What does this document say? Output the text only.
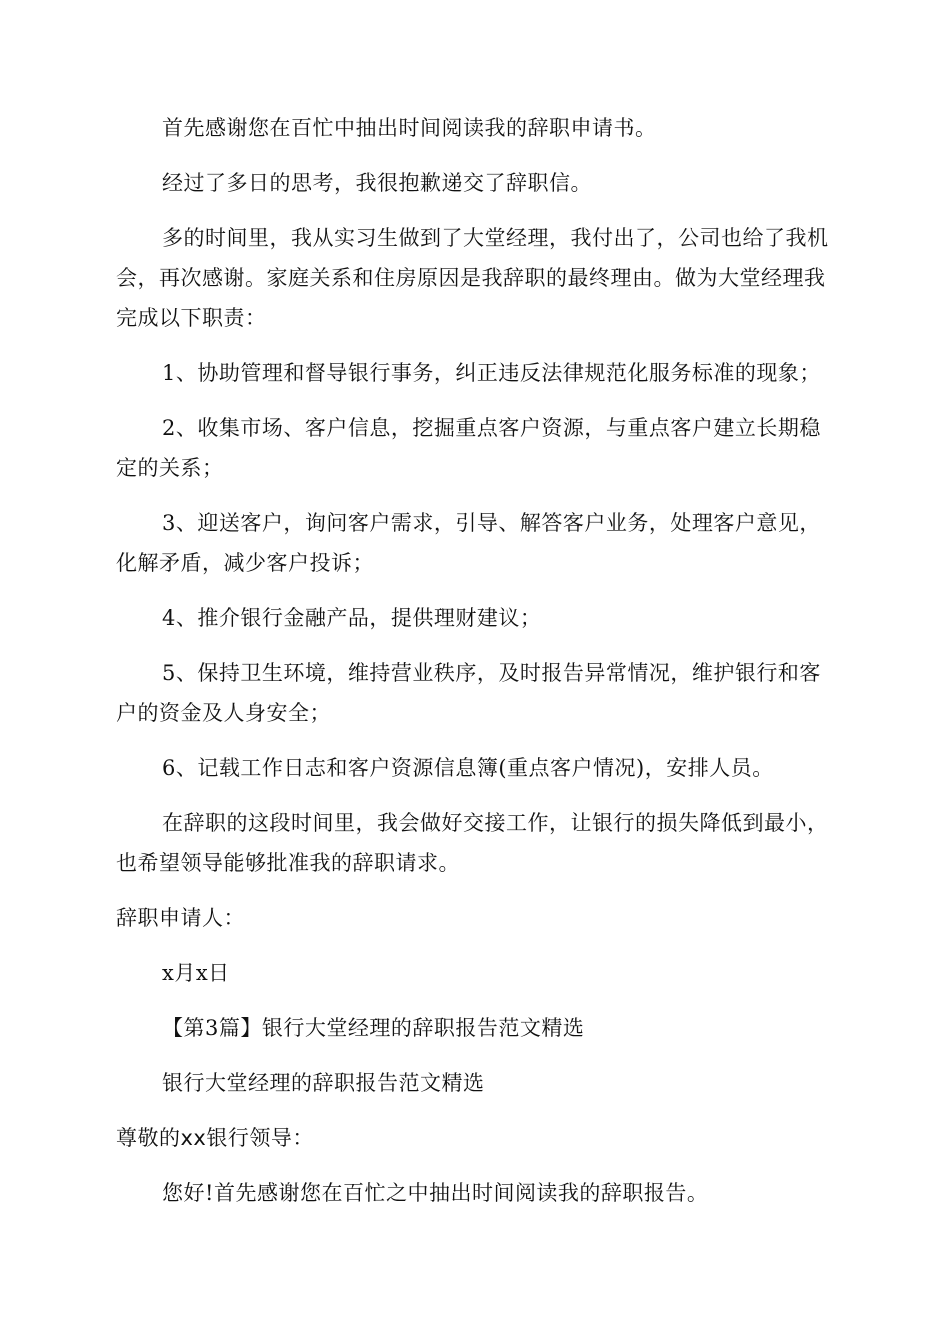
首先感谢您在百忙中抽出时间阅读我的辞职申请书。

经过了多日的思考，我很抱歉递交了辞职信。

多的时间里，我从实习生做到了大堂经理，我付出了，公司也给了我机会，再次感谢。家庭关系和住房原因是我辞职的最终理由。做为大堂经理我完成以下职责：

1、协助管理和督导银行事务，纠正违反法律规范化服务标准的现象；

2、收集市场、客户信息，挖掘重点客户资源，与重点客户建立长期稳定的关系；

3、迎送客户，询问客户需求，引导、解答客户业务，处理客户意见，化解矛盾，减少客户投诉；

4、推介银行金融产品，提供理财建议；

5、保持卫生环境，维持营业秩序，及时报告异常情况，维护银行和客户的资金及人身安全；

6、记载工作日志和客户资源信息簿(重点客户情况)，安排人员。

在辞职的这段时间里，我会做好交接工作，让银行的损失降低到最小，也希望领导能够批准我的辞职请求。

辞职申请人：

x月x日

【第3篇】银行大堂经理的辞职报告范文精选

银行大堂经理的辞职报告范文精选

尊敬的xx银行领导：

您好!首先感谢您在百忙之中抽出时间阅读我的辞职报告。
